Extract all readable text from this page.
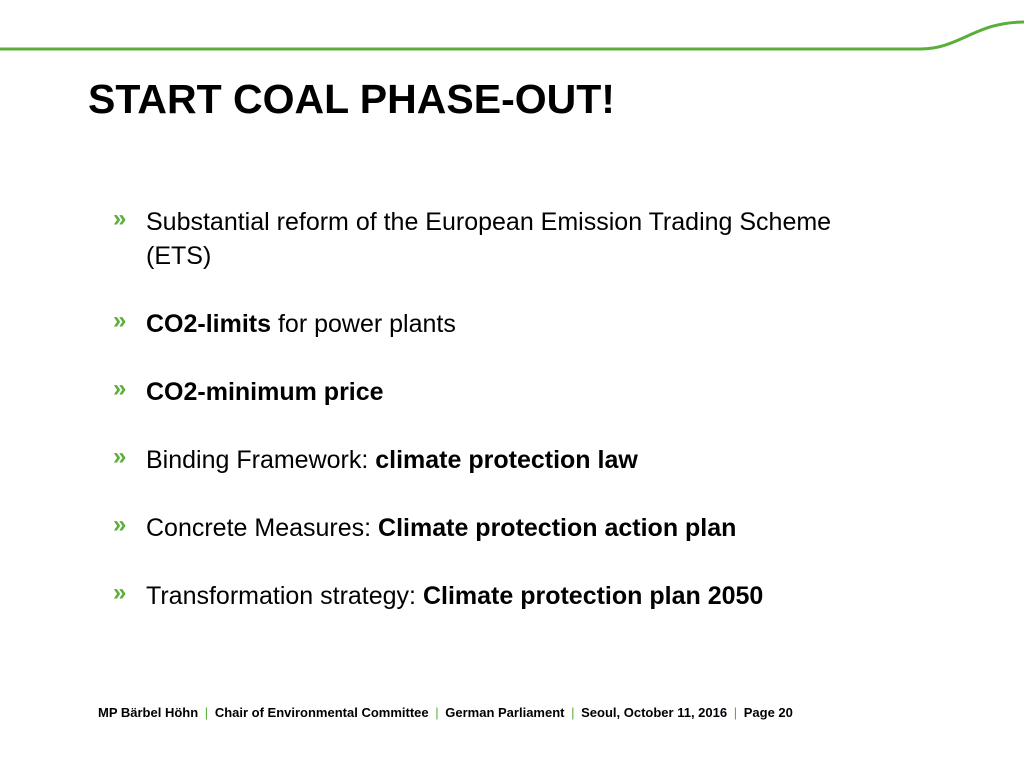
START COAL PHASE-OUT!
» Substantial reform of the European Emission Trading Scheme (ETS)
» CO2-limits for power plants
» CO2-minimum price
» Binding Framework: climate protection law
» Concrete Measures: Climate protection action plan
» Transformation strategy: Climate protection plan 2050
MP Bärbel Höhn | Chair of Environmental Committee | German Parliament | Seoul, October 11, 2016 | Page 20
